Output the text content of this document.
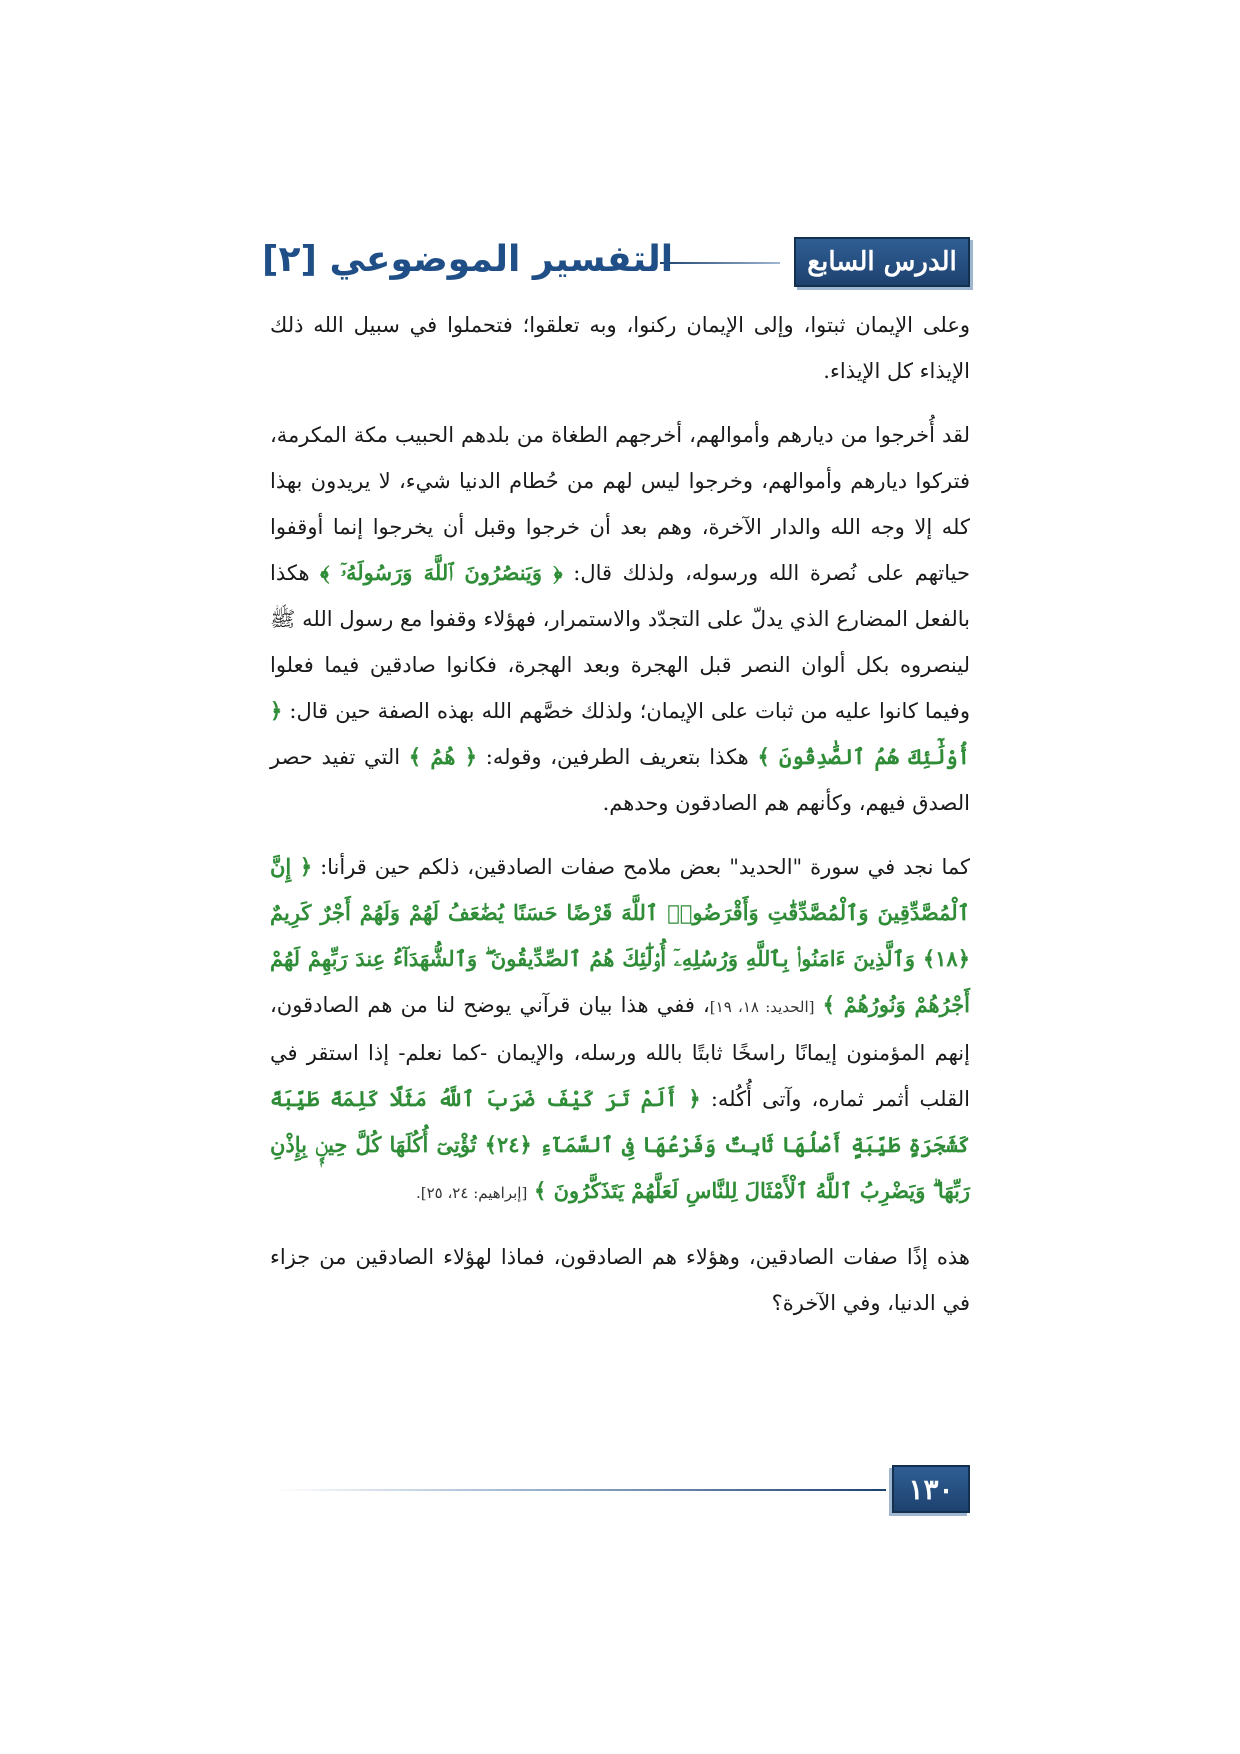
الدرس السابع
التفسير الموضوعي [٢]

وعلى الإيمان ثبتوا، وإلى الإيمان ركنوا، وبه تعلقوا؛ فتحملوا في سبيل الله ذلك الإيذاء كل الإيذاء.

لقد أُخرجوا من ديارهم وأموالهم، أخرجهم الطغاة من بلدهم الحبيب مكة المكرمة، فتركوا ديارهم وأموالهم، وخرجوا ليس لهم من حُطام الدنيا شيء، لا يريدون بهذا كله إلا وجه الله والدار الآخرة، وهم بعد أن خرجوا وقبل أن يخرجوا إنما أوقفوا حياتهم على نُصرة الله ورسوله، ولذلك قال: ﴿ وَيَنصُرُونَ ٱللَّهَ وَرَسُولَهُۥٓ ﴾ هكذا بالفعل المضارع الذي يدلّ على التجدّد والاستمرار، فهؤلاء وقفوا مع رسول الله ﷺ لينصروه بكل ألوان النصر قبل الهجرة وبعد الهجرة، فكانوا صادقين فيما فعلوا وفيما كانوا عليه من ثبات على الإيمان؛ ولذلك خصَّهم الله بهذه الصفة حين قال: ﴿ أُوْلَٰٓئِكَ هُمُ ٱلصَّٰدِقُونَ ﴾ هكذا بتعريف الطرفين، وقوله: ﴿ هُمُ ﴾ التي تفيد حصر الصدق فيهم، وكأنهم هم الصادقون وحدهم.

كما نجد في سورة "الحديد" بعض ملامح صفات الصادقين، ذلكم حين قرأنا: ﴿ إِنَّ ٱلْمُصَّدِّقِينَ وَٱلْمُصَّدِّقَٰتِ وَأَقْرَضُوا۟ ٱللَّهَ قَرْضًا حَسَنًا يُضَٰعَفُ لَهُمْ وَلَهُمْ أَجْرٌ كَرِيمٌ ﴿١٨﴾ وَٱلَّذِينَ ءَامَنُوا۟ بِٱللَّهِ وَرُسُلِهِۦٓ أُو۟لَٰٓئِكَ هُمُ ٱلصِّدِّيقُونَ ۖ وَٱلشُّهَدَآءُ عِندَ رَبِّهِمْ لَهُمْ أَجْرُهُمْ وَنُورُهُمْ ﴾ [الحديد: ١٨، ١٩]، ففي هذا بيان قرآني يوضح لنا من هم الصادقون، إنهم المؤمنون إيمانًا راسخًا ثابتًا بالله ورسله، والإيمان -كما نعلم- إذا استقر في القلب أثمر ثماره، وآتى أُكُله: ﴿ أَلَمْ تَرَ كَيْفَ ضَرَبَ ٱللَّهُ مَثَلًا كَلِمَةً طَيِّبَةً كَشَجَرَةٍ طَيِّبَةٍ أَصْلُهَا ثَابِتٌ وَفَرْعُهَا فِى ٱلسَّمَآءِ ﴿٢٤﴾ تُؤْتِىٓ أُكُلَهَا كُلَّ حِينٍۭ بِإِذْنِ رَبِّهَا ۗ وَيَضْرِبُ ٱللَّهُ ٱلْأَمْثَالَ لِلنَّاسِ لَعَلَّهُمْ يَتَذَكَّرُونَ ﴾ [إبراهيم: ٢٤، ٢٥].

هذه إذًا صفات الصادقين، وهؤلاء هم الصادقون، فماذا لهؤلاء الصادقين من جزاء في الدنيا، وفي الآخرة؟

١٣٠
